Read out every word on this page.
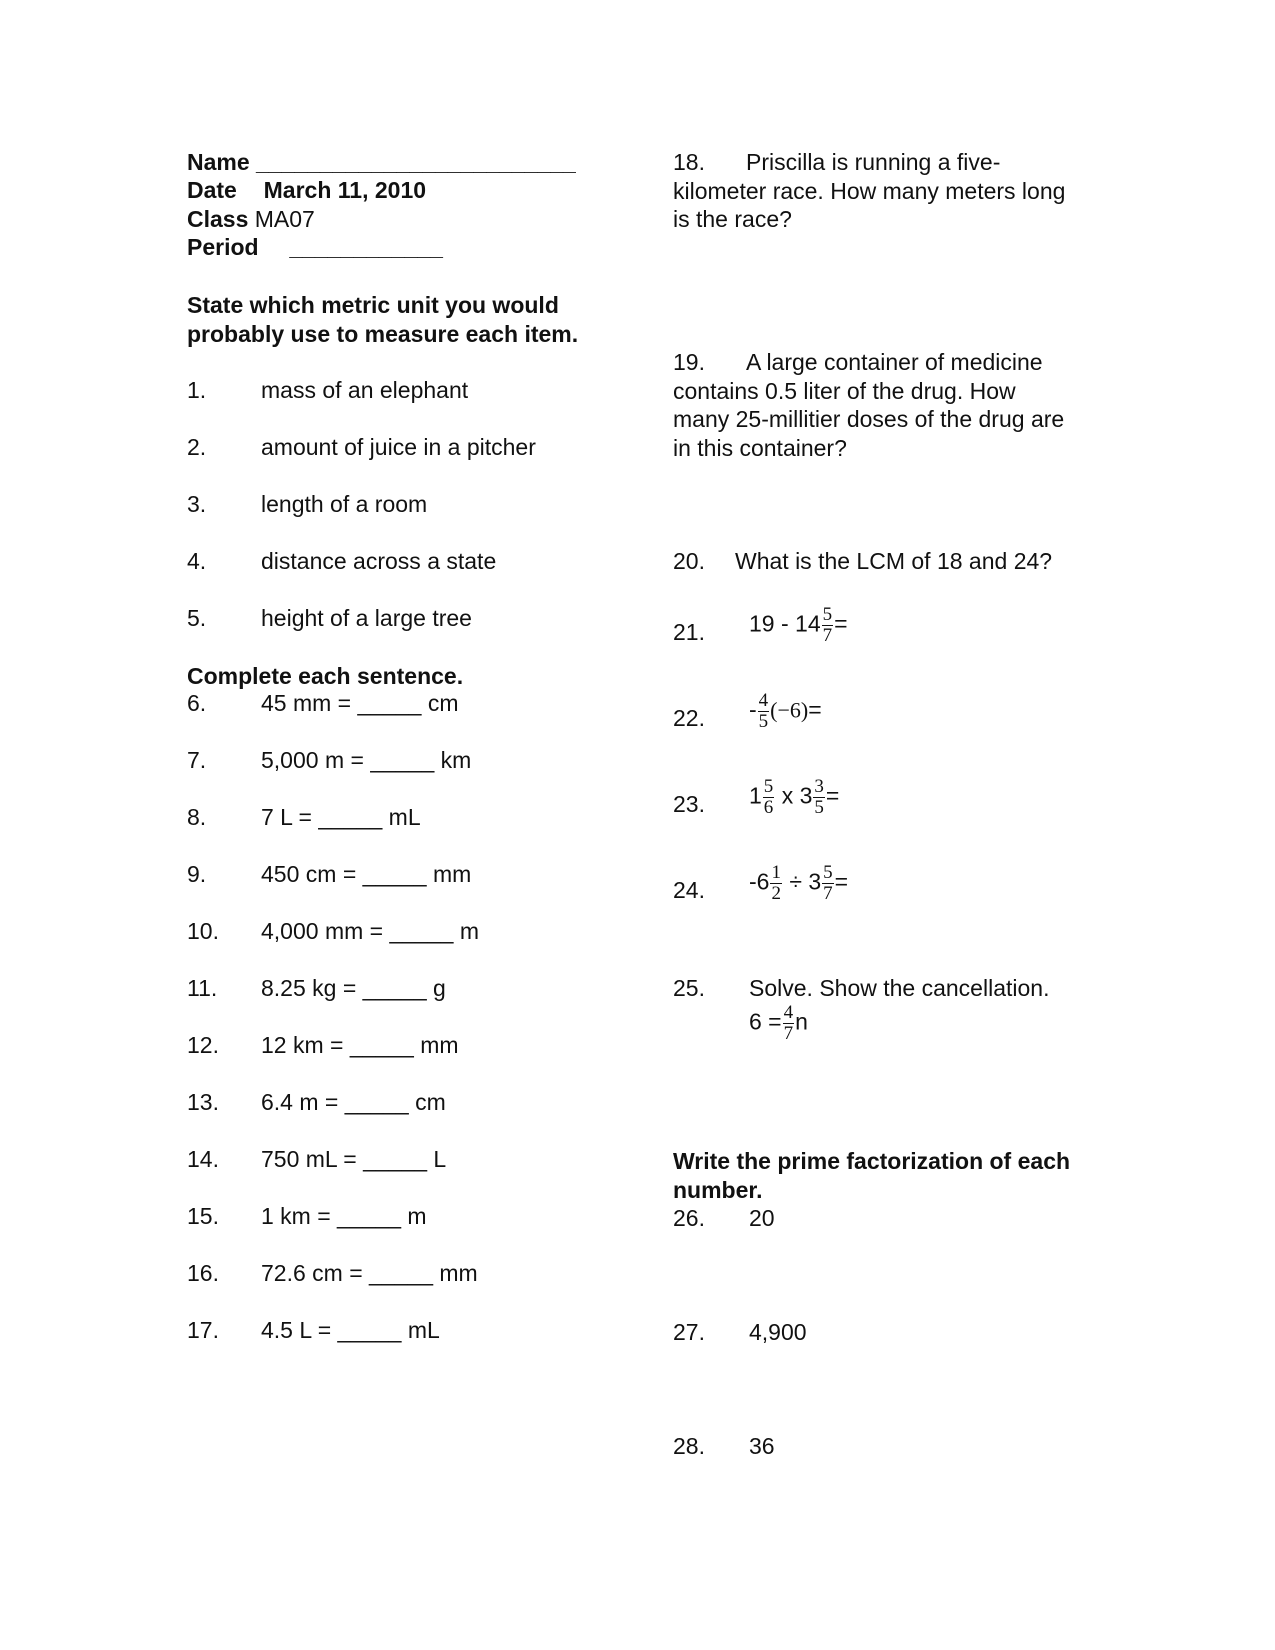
Name _________________________
Date March 11, 2010
Class MA07
Period ____________
State which metric unit you would probably use to measure each item.
1. mass of an elephant
2. amount of juice in a pitcher
3. length of a room
4. distance across a state
5. height of a large tree
Complete each sentence.
6. 45 mm = _____ cm
7. 5,000 m = _____ km
8. 7 L = _____ mL
9. 450 cm = _____ mm
10. 4,000 mm = _____ m
11. 8.25 kg = _____ g
12. 12 km = _____ mm
13. 6.4 m = _____ cm
14. 750 mL = _____ L
15. 1 km = _____ m
16. 72.6 cm = _____ mm
17. 4.5 L = _____ mL
18. Priscilla is running a five-kilometer race. How many meters long is the race?
19. A large container of medicine contains 0.5 liter of the drug. How many 25-millitier doses of the drug are in this container?
20. What is the LCM of 18 and 24?
21. $19 - 14 \frac{5}{7}$ =
22. - $\frac{4}{5} (-6)=$
23. $1 \frac{5}{6}$ x $3 \frac{3}{5}$ =
24. $-6 \frac{1}{2} \div 3 \frac{5}{7}$ =
25. Solve. Show the cancellation.
$6 = \frac{4}{7}$ n
Write the prime factorization of each number.
26. 20
27. 4,900
28. 36
